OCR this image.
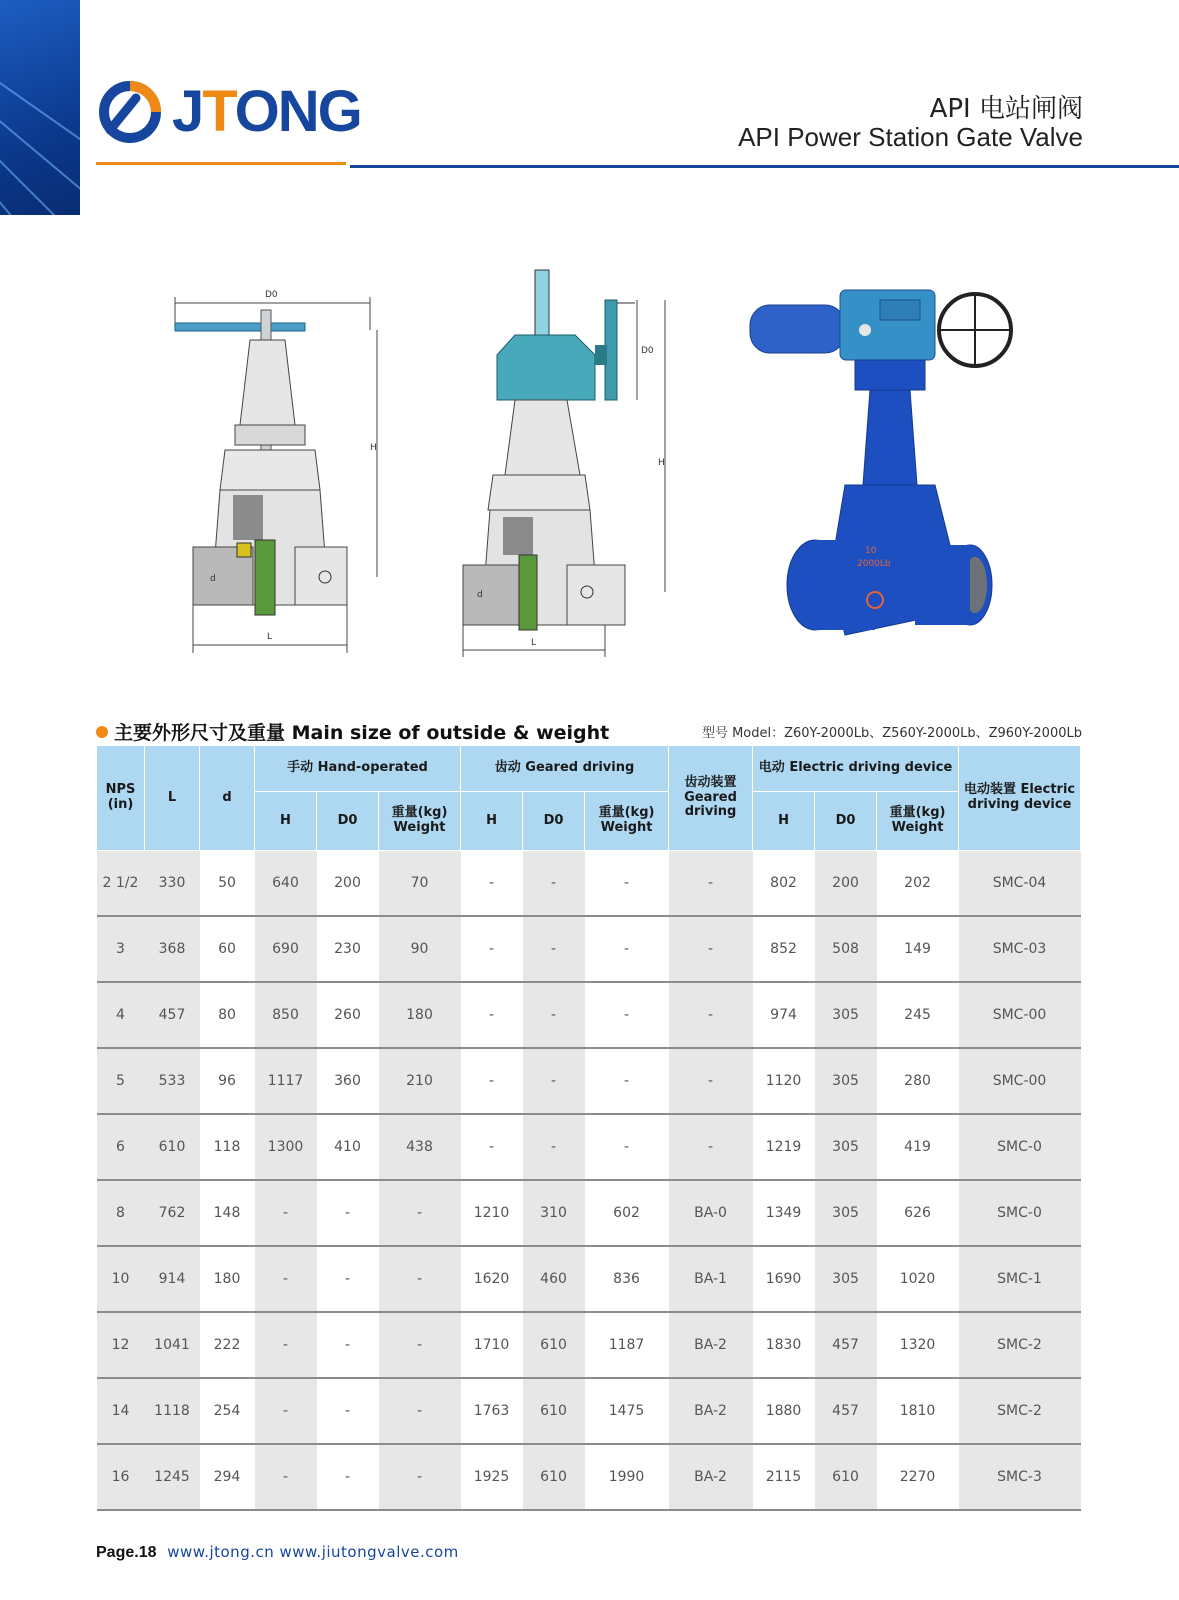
JTONG	API 电站闸阀
API Power Station Gate Valve
D0
H
L
d
D0
H
L
d
10
2000Lb
主要外形尺寸及重量 Main size of outside & weight	型号 Model：Z60Y-2000Lb、Z560Y-2000Lb、Z960Y-2000Lb
NPS (in)	L	d	手动 Hand-operated			齿动 Geared driving			齿动装置 Geared driving	电动 Electric driving device			电动装置 Electric driving device
			H	D0	重量(kg) Weight	H	D0	重量(kg) Weight		H	D0	重量(kg) Weight	
2 1/2	330	50	640	200	70	-	-	-	-	802	200	202	SMC-04
3	368	60	690	230	90	-	-	-	-	852	508	149	SMC-03
4	457	80	850	260	180	-	-	-	-	974	305	245	SMC-00
5	533	96	1117	360	210	-	-	-	-	1120	305	280	SMC-00
6	610	118	1300	410	438	-	-	-	-	1219	305	419	SMC-0
8	762	148	-	-	-	1210	310	602	BA-0	1349	305	626	SMC-0
10	914	180	-	-	-	1620	460	836	BA-1	1690	305	1020	SMC-1
12	1041	222	-	-	-	1710	610	1187	BA-2	1830	457	1320	SMC-2
14	1118	254	-	-	-	1763	610	1475	BA-2	1880	457	1810	SMC-2
16	1245	294	-	-	-	1925	610	1990	BA-2	2115	610	2270	SMC-3
Page.18 www.jtong.cn www.jiutongvalve.com
